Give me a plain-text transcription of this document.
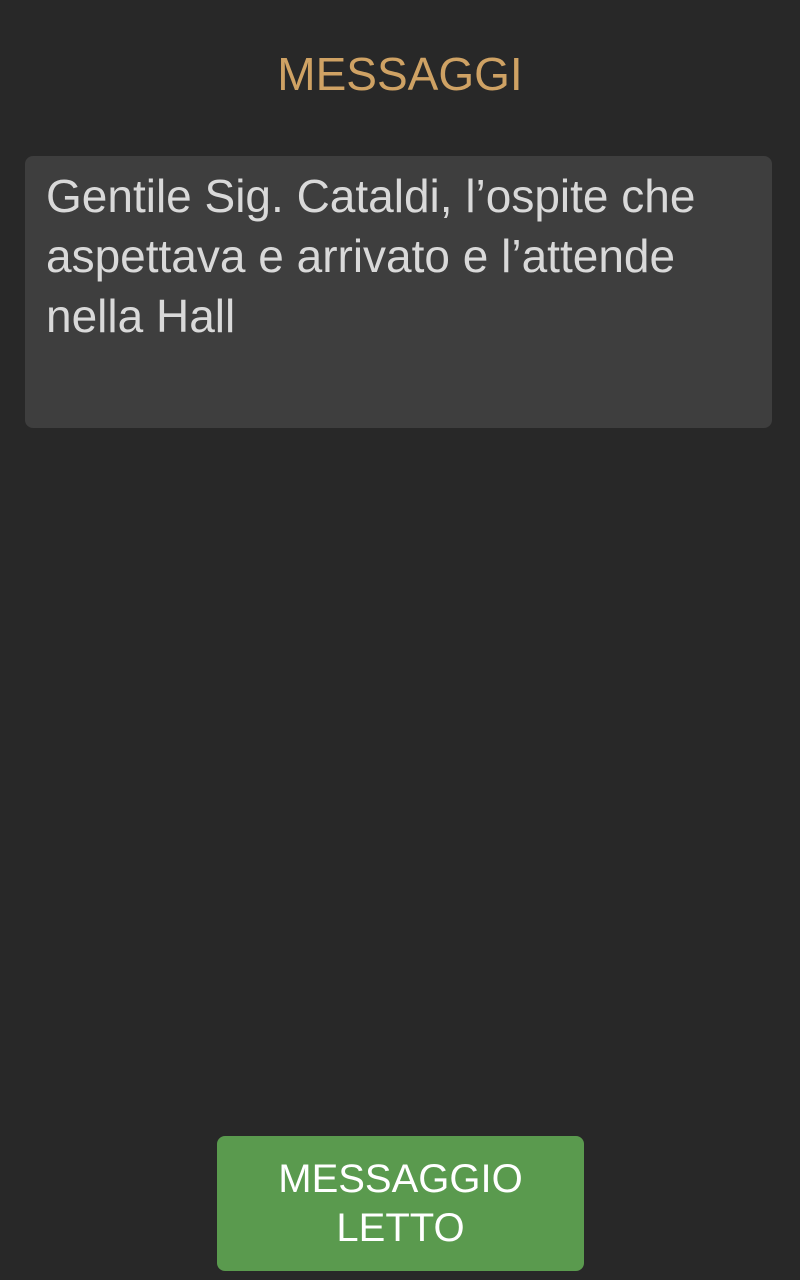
MESSAGGI

Gentile Sig. Cataldi, l’ospite che aspettava e arrivato e l’attende nella Hall

MESSAGGIO
LETTO
